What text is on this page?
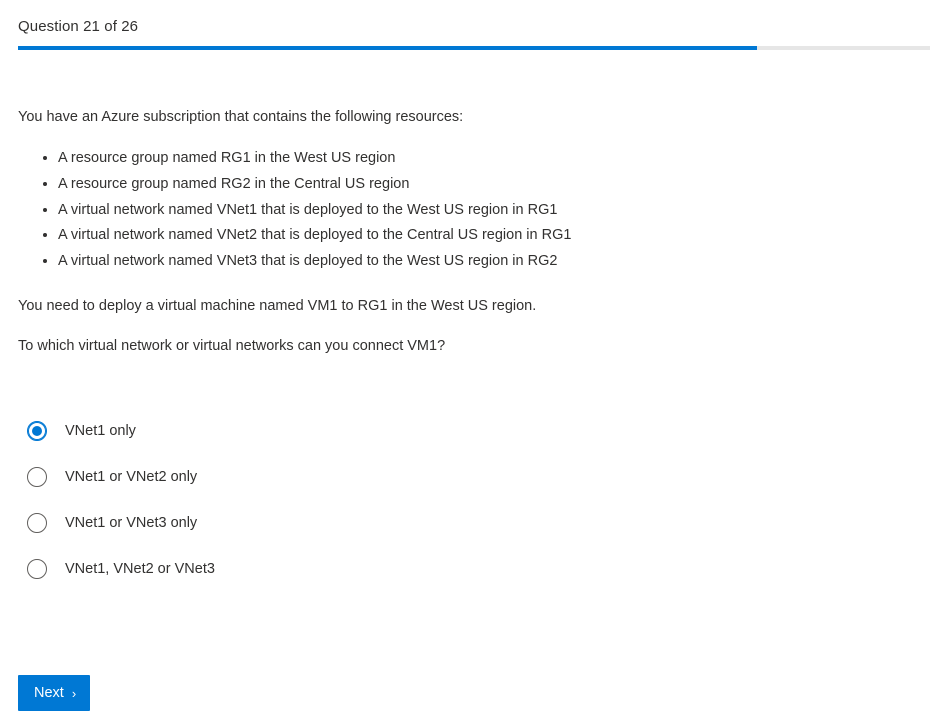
Question 21 of 26
You have an Azure subscription that contains the following resources:
• A resource group named RG1 in the West US region
• A resource group named RG2 in the Central US region
• A virtual network named VNet1 that is deployed to the West US region in RG1
• A virtual network named VNet2 that is deployed to the Central US region in RG1
• A virtual network named VNet3 that is deployed to the West US region in RG2
You need to deploy a virtual machine named VM1 to RG1 in the West US region.
To which virtual network or virtual networks can you connect VM1?
VNet1 only
VNet1 or VNet2 only
VNet1 or VNet3 only
VNet1, VNet2 or VNet3
Next ›
